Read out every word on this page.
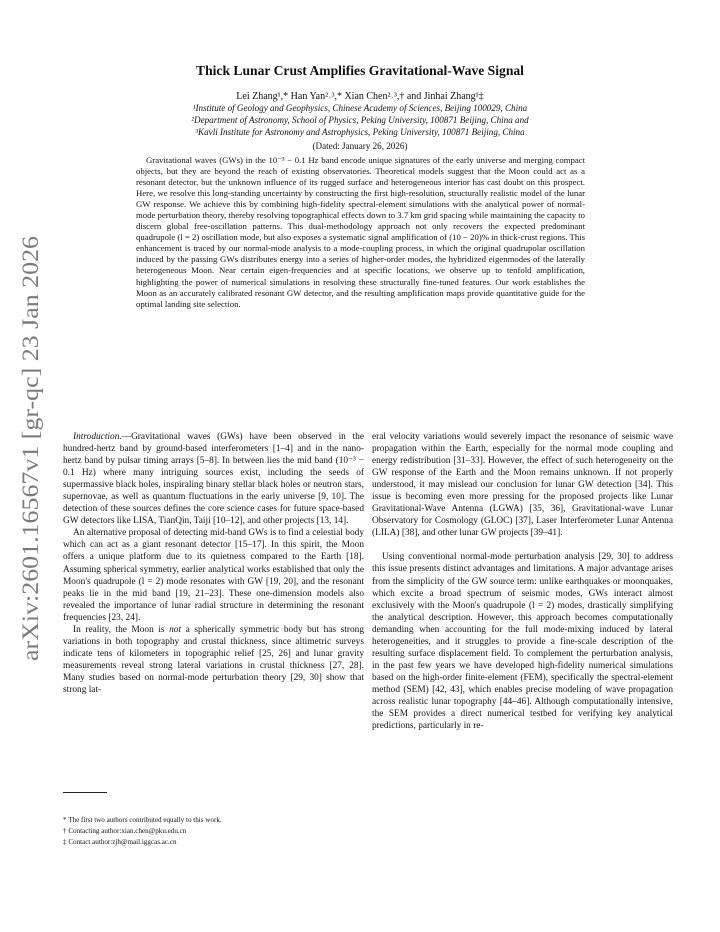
arXiv:2601.16567v1 [gr-qc] 23 Jan 2026
Thick Lunar Crust Amplifies Gravitational-Wave Signal
Lei Zhang¹,* Han Yan²˒³,* Xian Chen²˒³,† and Jinhai Zhang¹‡
¹Institute of Geology and Geophysics, Chinese Academy of Sciences, Beijing 100029, China
²Department of Astronomy, School of Physics, Peking University, 100871 Beijing, China and
³Kavli Institute for Astronomy and Astrophysics, Peking University, 100871 Beijing, China
(Dated: January 26, 2026)

Gravitational waves (GWs) in the 10⁻³ − 0.1 Hz band encode unique signatures of the early universe and merging compact objects, but they are beyond the reach of existing observatories. Theoretical models suggest that the Moon could act as a resonant detector, but the unknown influence of its rugged surface and heterogeneous interior has cast doubt on this prospect. Here, we resolve this long-standing uncertainty by constructing the first high-resolution, structurally realistic model of the lunar GW response. We achieve this by combining high-fidelity spectral-element simulations with the analytical power of normal-mode perturbation theory, thereby resolving topographical effects down to 3.7 km grid spacing while maintaining the capacity to discern global free-oscillation patterns. This dual-methodology approach not only recovers the expected predominant quadrupole (l = 2) oscillation mode, but also exposes a systematic signal amplification of (10 − 20)% in thick-crust regions. This enhancement is traced by our normal-mode analysis to a mode-coupling process, in which the original quadrupolar oscillation induced by the passing GWs distributes energy into a series of higher-order modes, the hybridized eigenmodes of the laterally heterogeneous Moon. Near certain eigen-frequencies and at specific locations, we observe up to tenfold amplification, highlighting the power of numerical simulations in resolving these structurally fine-tuned features. Our work establishes the Moon as an accurately calibrated resonant GW detector, and the resulting amplification maps provide quantitative guide for the optimal landing site selection.

Introduction.—Gravitational waves (GWs) have been observed in the hundred-hertz band by ground-based interferometers [1–4] and in the nano-hertz band by pulsar timing arrays [5–8]. In between lies the mid band (10⁻³ − 0.1 Hz) where many intriguing sources exist, including the seeds of supermassive black holes, inspiraling binary stellar black holes or neutron stars, supernovae, as well as quantum fluctuations in the early universe [9, 10]. The detection of these sources defines the core science cases for future space-based GW detectors like LISA, TianQin, Taiji [10–12], and other projects [13, 14].

An alternative proposal of detecting mid-band GWs is to find a celestial body which can act as a giant resonant detector [15–17]. In this spirit, the Moon offers a unique platform due to its quietness compared to the Earth [18]. Assuming spherical symmetry, earlier analytical works established that only the Moon's quadrupole (l = 2) mode resonates with GW [19, 20], and the resonant peaks lie in the mid band [19, 21–23]. These one-dimension models also revealed the importance of lunar radial structure in determining the resonant frequencies [23, 24].

In reality, the Moon is not a spherically symmetric body but has strong variations in both topography and crustal thickness, since altimetric surveys indicate tens of kilometers in topographic relief [25, 26] and lunar gravity measurements reveal strong lateral variations in crustal thickness [27, 28]. Many studies based on normal-mode perturbation theory [29, 30] show that strong lat-

eral velocity variations would severely impact the resonance of seismic wave propagation within the Earth, especially for the normal mode coupling and energy redistribution [31–33]. However, the effect of such heterogeneity on the GW response of the Earth and the Moon remains unknown. If not properly understood, it may mislead our conclusion for lunar GW detection [34]. This issue is becoming even more pressing for the proposed projects like Lunar Gravitational-Wave Antenna (LGWA) [35, 36], Gravitational-wave Lunar Observatory for Cosmology (GLOC) [37], Laser Interferometer Lunar Antenna (LILA) [38], and other lunar GW projects [39–41].

Using conventional normal-mode perturbation analysis [29, 30] to address this issue presents distinct advantages and limitations. A major advantage arises from the simplicity of the GW source term: unlike earthquakes or moonquakes, which excite a broad spectrum of seismic modes, GWs interact almost exclusively with the Moon's quadrupole (l = 2) modes, drastically simplifying the analytical description. However, this approach becomes computationally demanding when accounting for the full mode-mixing induced by lateral heterogeneities, and it struggles to provide a fine-scale description of the resulting surface displacement field. To complement the perturbation analysis, in the past few years we have developed high-fidelity numerical simulations based on the high-order finite-element (FEM), specifically the spectral-element method (SEM) [42, 43], which enables precise modeling of wave propagation across realistic lunar topography [44–46]. Although computationally intensive, the SEM provides a direct numerical testbed for verifying key analytical predictions, particularly in re-

* The first two authors contributed equally to this work.
† Contacting author:xian.chen@pku.edu.cn
‡ Contact author:zjh@mail.iggcas.ac.cn
